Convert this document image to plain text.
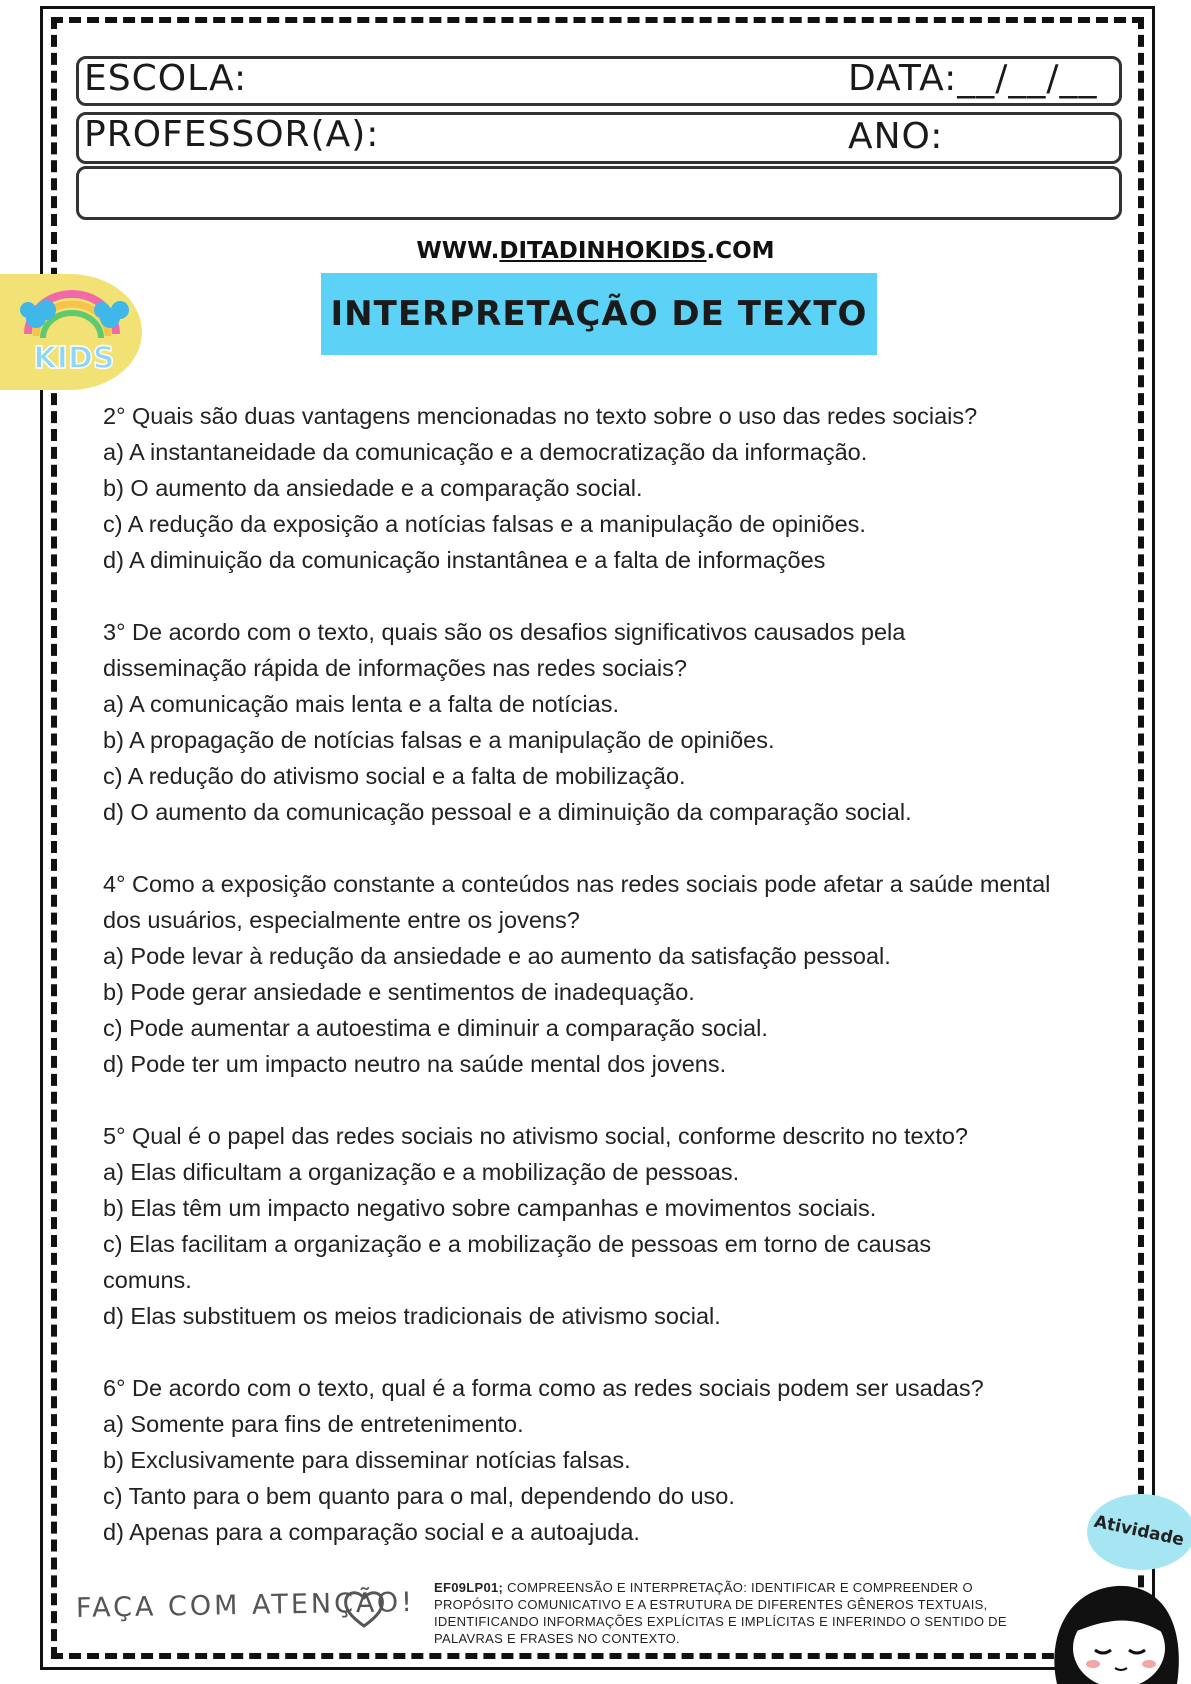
ESCOLA:	DATA:__/__/__
PROFESSOR(A):	ANO:
WWW.DITADINHOKIDS.COM
INTERPRETAÇÃO DE TEXTO
KIDS
2° Quais são duas vantagens mencionadas no texto sobre o uso das redes sociais?
a) A instantaneidade da comunicação e a democratização da informação.
b) O aumento da ansiedade e a comparação social.
c) A redução da exposição a notícias falsas e a manipulação de opiniões.
d) A diminuição da comunicação instantânea e a falta de informações
3° De acordo com o texto, quais são os desafios significativos causados pela disseminação rápida de informações nas redes sociais?
a) A comunicação mais lenta e a falta de notícias.
b) A propagação de notícias falsas e a manipulação de opiniões.
c) A redução do ativismo social e a falta de mobilização.
d) O aumento da comunicação pessoal e a diminuição da comparação social.
4° Como a exposição constante a conteúdos nas redes sociais pode afetar a saúde mental dos usuários, especialmente entre os jovens?
a) Pode levar à redução da ansiedade e ao aumento da satisfação pessoal.
b) Pode gerar ansiedade e sentimentos de inadequação.
c) Pode aumentar a autoestima e diminuir a comparação social.
d) Pode ter um impacto neutro na saúde mental dos jovens.
5° Qual é o papel das redes sociais no ativismo social, conforme descrito no texto?
a) Elas dificultam a organização e a mobilização de pessoas.
b) Elas têm um impacto negativo sobre campanhas e movimentos sociais.
c) Elas facilitam a organização e a mobilização de pessoas em torno de causas comuns.
d) Elas substituem os meios tradicionais de ativismo social.
6° De acordo com o texto, qual é a forma como as redes sociais podem ser usadas?
a) Somente para fins de entretenimento.
b) Exclusivamente para disseminar notícias falsas.
c) Tanto para o bem quanto para o mal, dependendo do uso.
d) Apenas para a comparação social e a autoajuda.
FAÇA COM ATENÇÃO! EF09LP01; COMPREENSÃO E INTERPRETAÇÃO: IDENTIFICAR E COMPREENDER O PROPÓSITO COMUNICATIVO E A ESTRUTURA DE DIFERENTES GÊNEROS TEXTUAIS, IDENTIFICANDO INFORMAÇÕES EXPLÍCITAS E IMPLÍCITAS E INFERINDO O SENTIDO DE PALAVRAS E FRASES NO CONTEXTO.
Atividade
